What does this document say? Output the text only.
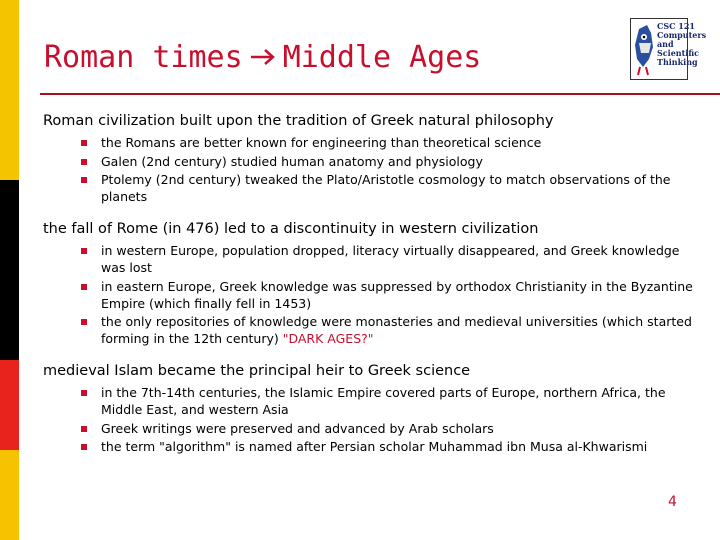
Roman times Middle Ages
CSC 121
Computers
and
Scientific
Thinking
Roman civilization built upon the tradition of Greek natural philosophy
the Romans are better known for engineering than theoretical science
Galen (2nd century) studied human anatomy and physiology
Ptolemy (2nd century) tweaked the Plato/Aristotle cosmology to match observations of the planets
the fall of Rome (in 476) led to a discontinuity in western civilization
in western Europe, population dropped, literacy virtually disappeared, and Greek knowledge was lost
in eastern Europe, Greek knowledge was suppressed by orthodox Christianity in the Byzantine Empire (which finally fell in 1453)
the only repositories of knowledge were monasteries and medieval universities (which started forming in the 12th century) "DARK AGES?"
medieval Islam became the principal heir to Greek science
in the 7th-14th centuries, the Islamic Empire covered parts of Europe, northern Africa, the Middle East, and western Asia
Greek writings were preserved and advanced by Arab scholars
the term "algorithm" is named after Persian scholar Muhammad ibn Musa al-Khwarismi
4
